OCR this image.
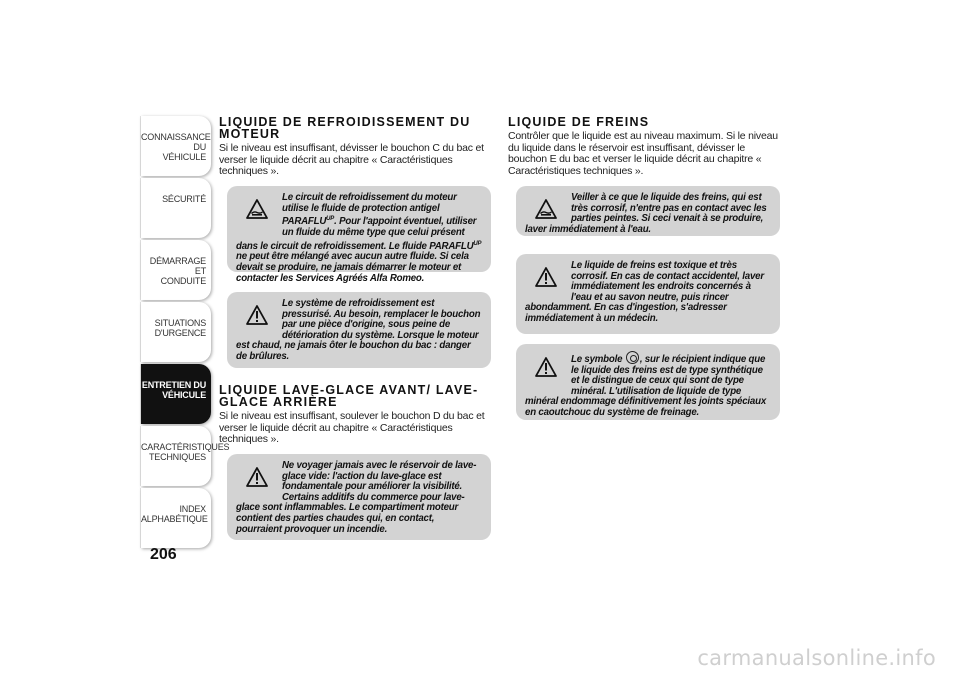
CONNAISSANCE DU
VÉHICULE
SÉCURITÉ
DÉMARRAGE ET
CONDUITE
SITUATIONS
D'URGENCE
ENTRETIEN DU
VÉHICULE
CARACTÉRISTIQUES
TECHNIQUES
INDEX
ALPHABÉTIQUE
206
LIQUIDE DE REFROIDISSEMENT DU MOTEUR

Si le niveau est insuffisant, dévisser le bouchon C du bac et verser le liquide décrit au chapitre « Caractéristiques techniques ».

Le circuit de refroidissement du moteur utilise le fluide de protection antigel $PARAFLU^{UP}$. Pour l'appoint éventuel, utiliser un fluide du même type que celui présent dans le circuit de refroidissement. Le fluide $PARAFLU^{UP}$ ne peut être mélangé avec aucun autre fluide. Si cela devait se produire, ne jamais démarrer le moteur et contacter les Services Agréés Alfa Romeo.
Le système de refroidissement est pressurisé. Au besoin, remplacer le bouchon par une pièce d'origine, sous peine de détérioration du système. Lorsque le moteur est chaud, ne jamais ôter le bouchon du bac : danger de brûlures.
LIQUIDE LAVE-GLACE AVANT/ LAVE-GLACE ARRIÈRE

Si le niveau est insuffisant, soulever le bouchon D du bac et verser le liquide décrit au chapitre « Caractéristiques techniques ».

Ne voyager jamais avec le réservoir de lave-glace vide: l'action du lave-glace est fondamentale pour améliorer la visibilité. Certains additifs du commerce pour lave-glace sont inflammables. Le compartiment moteur contient des parties chaudes qui, en contact, pourraient provoquer un incendie.
LIQUIDE DE FREINS

Contrôler que le liquide est au niveau maximum. Si le niveau du liquide dans le réservoir est insuffisant, dévisser le bouchon E du bac et verser le liquide décrit au chapitre « Caractéristiques techniques ».

Veiller à ce que le liquide des freins, qui est très corrosif, n'entre pas en contact avec les parties peintes. Si ceci venait à se produire, laver immédiatement à l'eau.
Le liquide de freins est toxique et très corrosif. En cas de contact accidentel, laver immédiatement les endroits concernés à l'eau et au savon neutre, puis rincer abondamment. En cas d'ingestion, s'adresser immédiatement à un médecin.
Le symbole , sur le récipient indique que le liquide des freins est de type synthétique et le distingue de ceux qui sont de type minéral. L'utilisation de liquide de type minéral endommage définitivement les joints spéciaux en caoutchouc du système de freinage.
carmanualsonline.info
